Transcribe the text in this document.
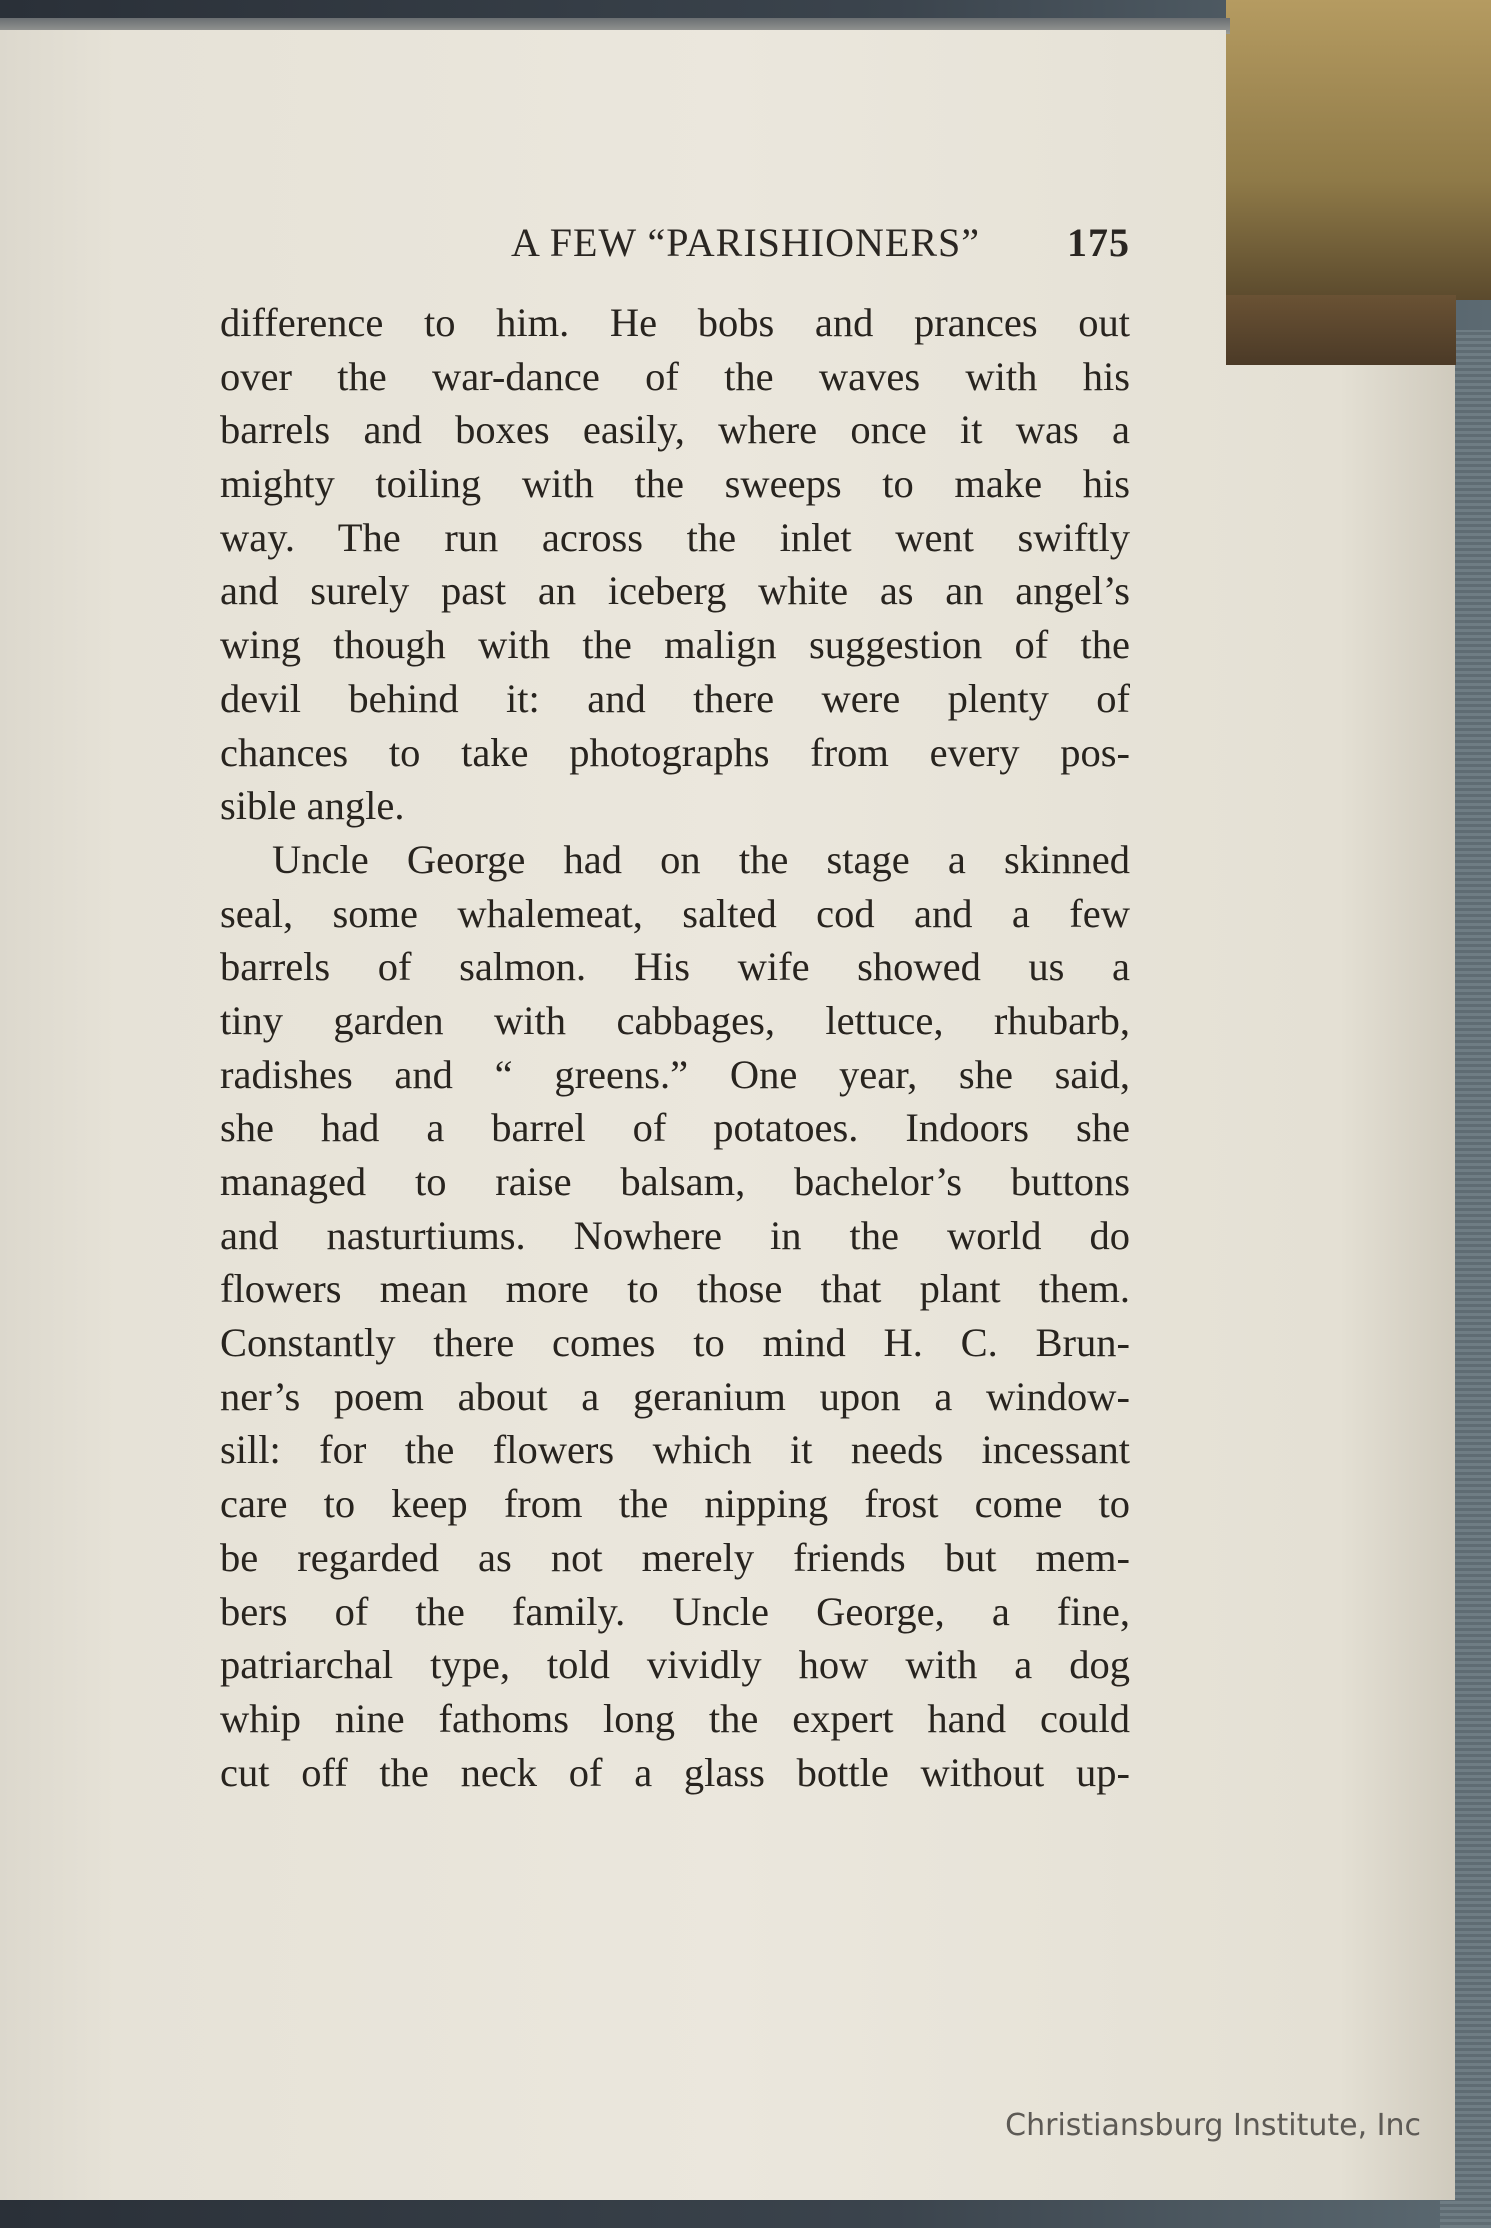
A FEW “PARISHIONERS” 175
difference to him. He bobs and prances out
over the war-dance of the waves with his
barrels and boxes easily, where once it was a
mighty toiling with the sweeps to make his
way. The run across the inlet went swiftly
and surely past an iceberg white as an angel’s
wing though with the malign suggestion of the
devil behind it: and there were plenty of
chances to take photographs from every pos-
sible angle.
Uncle George had on the stage a skinned
seal, some whalemeat, salted cod and a few
barrels of salmon. His wife showed us a
tiny garden with cabbages, lettuce, rhubarb,
radishes and “ greens.” One year, she said,
she had a barrel of potatoes. Indoors she
managed to raise balsam, bachelor’s buttons
and nasturtiums. Nowhere in the world do
flowers mean more to those that plant them.
Constantly there comes to mind H. C. Brun-
ner’s poem about a geranium upon a window-
sill: for the flowers which it needs incessant
care to keep from the nipping frost come to
be regarded as not merely friends but mem-
bers of the family. Uncle George, a fine,
patriarchal type, told vividly how with a dog
whip nine fathoms long the expert hand could
cut off the neck of a glass bottle without up-
Christiansburg Institute, Inc
